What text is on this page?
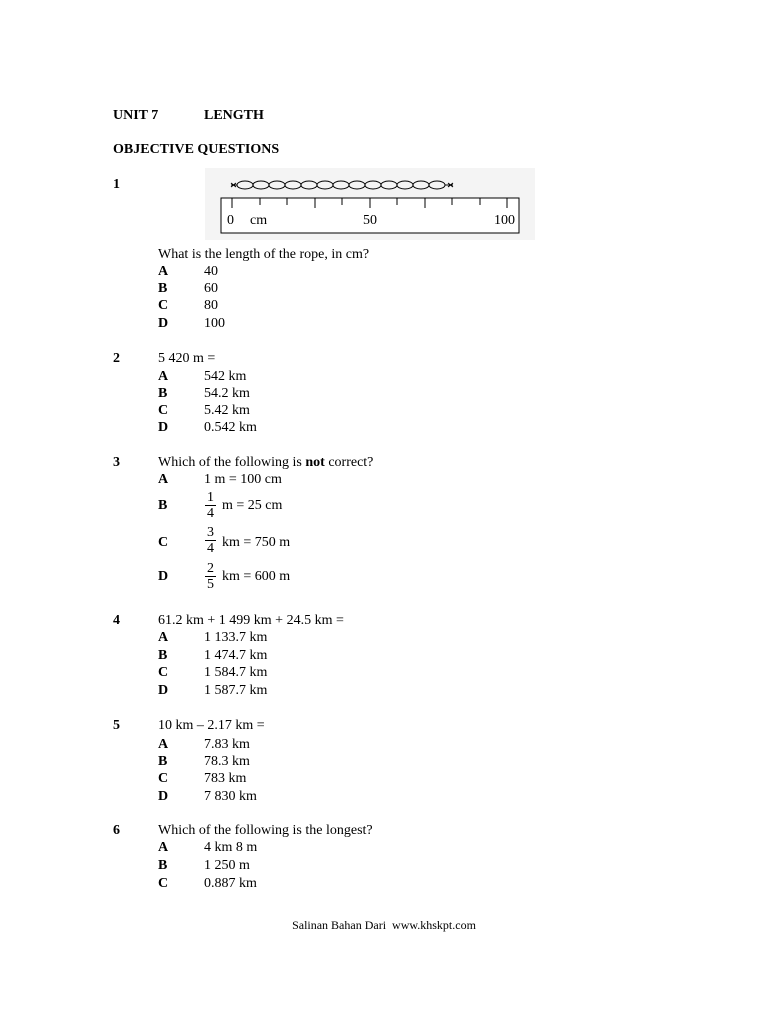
UNIT 7	LENGTH
OBJECTIVE QUESTIONS
1
0 cm	50	100
What is the length of the rope, in cm?
A	40
B	60
C	80
D	100
2	5 420 m =
A	542 km
B	54.2 km
C	5.42 km
D	0.542 km
3	Which of the following is not correct?
A	1 m = 100 cm
B	$\frac{1}{4}$ m = 25 cm
C	$\frac{3}{4}$ km = 750 m
D	$\frac{2}{5}$ km = 600 m
4	61.2 km + 1 499 km + 24.5 km =
A	1 133.7 km
B	1 474.7 km
C	1 584.7 km
D	1 587.7 km
5	10 km – 2.17 km =
A	7.83 km
B	78.3 km
C	783 km
D	7 830 km
6	Which of the following is the longest?
A	4 km 8 m
B	1 250 m
C	0.887 km
Salinan Bahan Dari  www.khskpt.com
